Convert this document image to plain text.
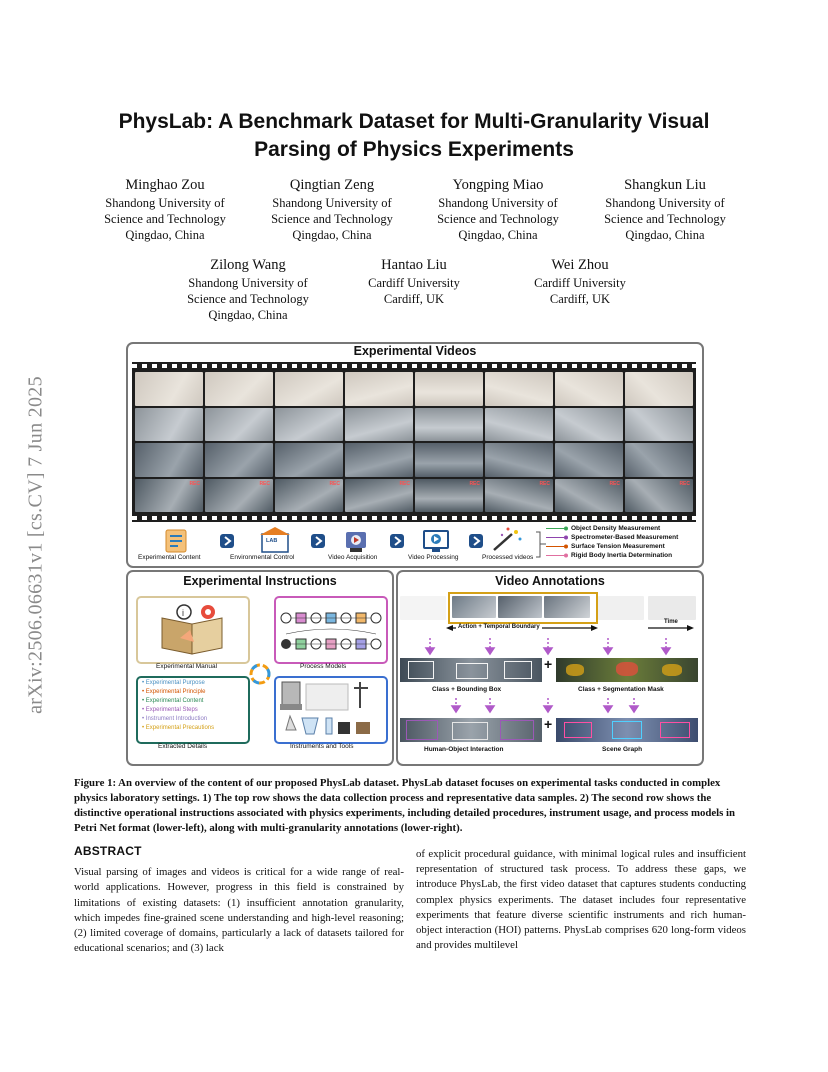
arXiv:2506.06631v1 [cs.CV] 7 Jun 2025
PhysLab: A Benchmark Dataset for Multi-Granularity Visual
Parsing of Physics Experiments
Minghao Zou
Shandong University of
Science and Technology
Qingdao, China
Qingtian Zeng
Shandong University of
Science and Technology
Qingdao, China
Yongping Miao
Shandong University of
Science and Technology
Qingdao, China
Shangkun Liu
Shandong University of
Science and Technology
Qingdao, China
Zilong Wang
Shandong University of
Science and Technology
Qingdao, China
Hantao Liu
Cardiff University
Cardiff, UK
Wei Zhou
Cardiff University
Cardiff, UK
Experimental Videos
REC	REC	REC	REC	REC	REC	REC	REC
LAB
Experimental Content	Environmental Control	Video Acquisition	Video Processing	Processed videos
Object Density Measurement
Spectrometer-Based Measurement
Surface Tension Measurement
Rigid Body Inertia Determination
Experimental Instructions
i
Experimental Manual	Process Models
• Experimental Purpose
• Experimental Principle
• Experimental Content
• Experimental Steps
• Instrument Introduction
• Experimental Precautions
Extracted Details	Instruments and Tools
Video Annotations
Action + Temporal Boundary
Time
+
Class + Bounding Box	Class + Segmentation Mask
+
Human-Object Interaction	Scene Graph
Figure 1: An overview of the content of our proposed PhysLab dataset. PhysLab dataset focuses on experimental tasks conducted in complex physics laboratory settings. 1) The top row shows the data collection process and representative data samples. 2) The second row shows the distinctive operational instructions associated with physics experiments, including detailed procedures, instrument usage, and process models in Petri Net format (lower-left), along with multi-granularity annotations (lower-right).
ABSTRACT
Visual parsing of images and videos is critical for a wide range of real-world applications. However, progress in this field is constrained by limitations of existing datasets: (1) insufficient annotation granularity, which impedes fine-grained scene understanding and high-level reasoning; (2) limited coverage of domains, particularly a lack of datasets tailored for educational scenarios; and (3) lack
of explicit procedural guidance, with minimal logical rules and insufficient representation of structured task process. To address these gaps, we introduce PhysLab, the first video dataset that captures students conducting complex physics experiments. The dataset includes four representative experiments that feature diverse scientific instruments and rich human-object interaction (HOI) patterns. PhysLab comprises 620 long-form videos and provides multilevel
